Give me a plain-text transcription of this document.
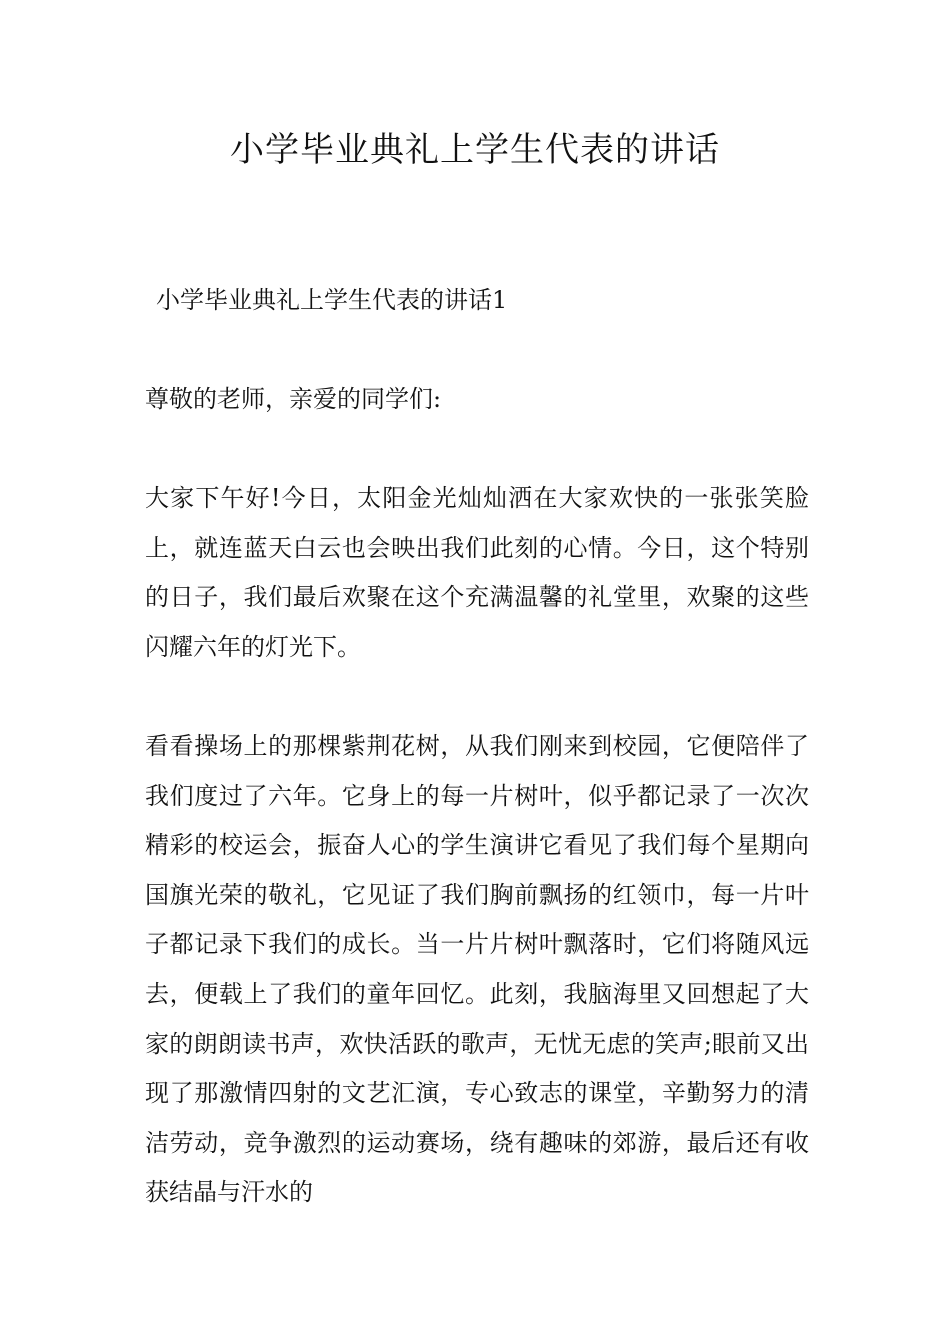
小学毕业典礼上学生代表的讲话
小学毕业典礼上学生代表的讲话1
尊敬的老师，亲爱的同学们:

大家下午好!今日，太阳金光灿灿洒在大家欢快的一张张笑脸上，就连蓝天白云也会映出我们此刻的心情。今日，这个特别的日子，我们最后欢聚在这个充满温馨的礼堂里，欢聚的这些闪耀六年的灯光下。

看看操场上的那棵紫荆花树，从我们刚来到校园，它便陪伴了我们度过了六年。它身上的每一片树叶，似乎都记录了一次次精彩的校运会，振奋人心的学生演讲它看见了我们每个星期向国旗光荣的敬礼，它见证了我们胸前飘扬的红领巾，每一片叶子都记录下我们的成长。当一片片树叶飘落时，它们将随风远去，便载上了我们的童年回忆。此刻，我脑海里又回想起了大家的朗朗读书声，欢快活跃的歌声，无忧无虑的笑声;眼前又出现了那激情四射的文艺汇演，专心致志的课堂，辛勤努力的清洁劳动，竞争激烈的运动赛场，绕有趣味的郊游，最后还有收获结晶与汗水的
